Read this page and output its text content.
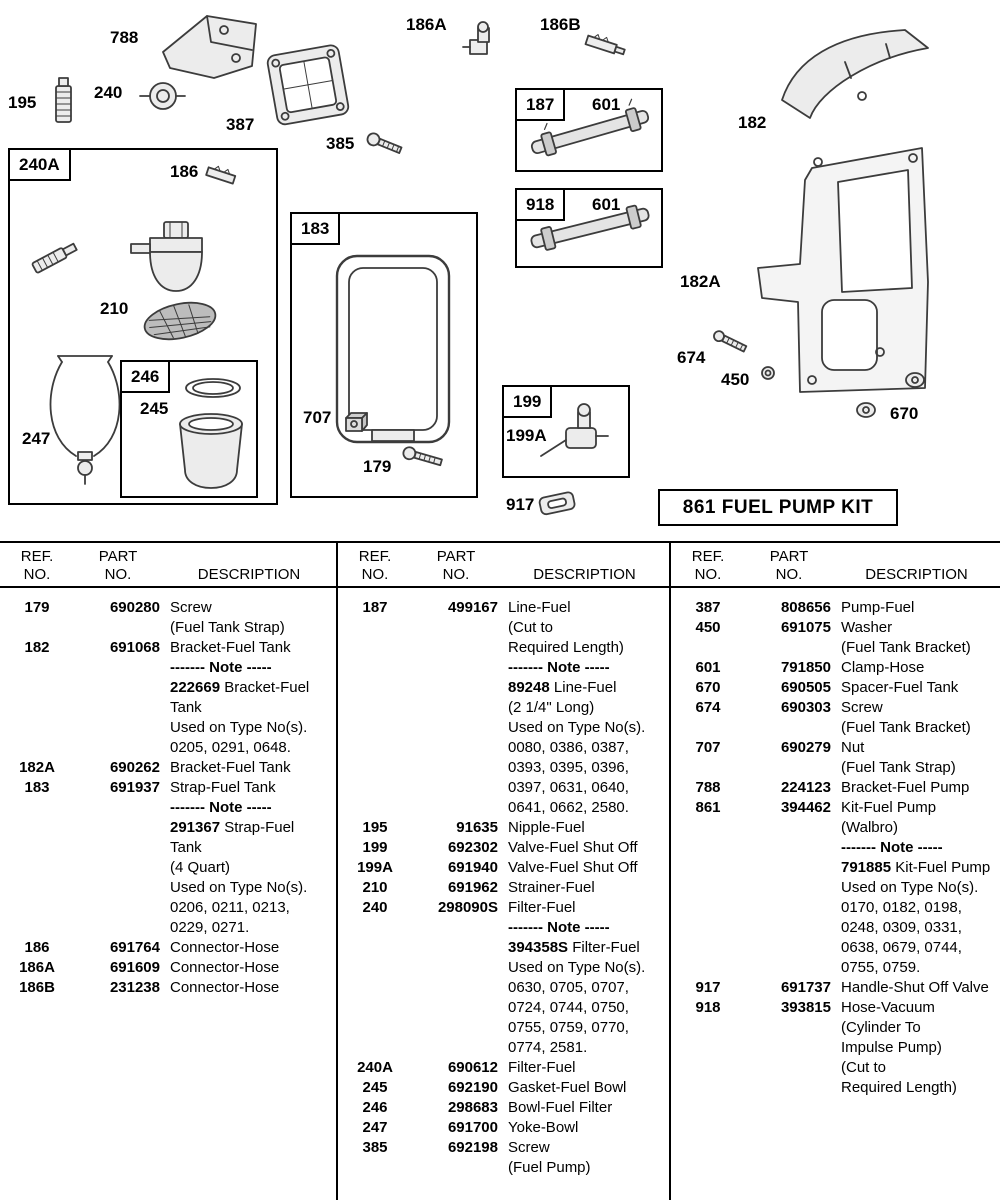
240A
246
183
187
918
199
195
788
240
387
385
186A	186B
182
186
210
245
247
707
179
601
601
182A
674
450
670
199A
917	861 FUEL PUMP KIT
REF.
NO.
PART
NO.	DESCRIPTION
179	690280 Screw
(Fuel Tank Strap)
182	691068 Bracket-Fuel Tank
------- Note -----
222669 Bracket-Fuel
Tank
Used on Type No(s).
0205, 0291, 0648.
182A	690262 Bracket-Fuel Tank
183	691937 Strap-Fuel Tank
------- Note -----
291367 Strap-Fuel
Tank
(4 Quart)
Used on Type No(s).
0206, 0211, 0213,
0229, 0271.
186	691764 Connector-Hose
186A	691609 Connector-Hose
186B	231238 Connector-Hose
REF.
NO.
PART
NO.	DESCRIPTION
187	499167 Line-Fuel
(Cut to
Required Length)
------- Note -----
89248 Line-Fuel
(2 1/4" Long)
Used on Type No(s).
0080, 0386, 0387,
0393, 0395, 0396,
0397, 0631, 0640,
0641, 0662, 2580.
195	91635 Nipple-Fuel
199	692302 Valve-Fuel Shut Off
199A	691940 Valve-Fuel Shut Off
210	691962 Strainer-Fuel
240	298090S Filter-Fuel
------- Note -----
394358S Filter-Fuel
Used on Type No(s).
0630, 0705, 0707,
0724, 0744, 0750,
0755, 0759, 0770,
0774, 2581.
240A	690612 Filter-Fuel
245	692190 Gasket-Fuel Bowl
246	298683 Bowl-Fuel Filter
247	691700 Yoke-Bowl
385	692198 Screw
(Fuel Pump)
REF.
NO.
PART
NO.	DESCRIPTION
387	808656 Pump-Fuel
450	691075 Washer
(Fuel Tank Bracket)
601	791850 Clamp-Hose
670	690505 Spacer-Fuel Tank
674	690303 Screw
(Fuel Tank Bracket)
707	690279 Nut
(Fuel Tank Strap)
788	224123 Bracket-Fuel Pump
861	394462 Kit-Fuel Pump
(Walbro)
------- Note -----
791885 Kit-Fuel Pump
Used on Type No(s).
0170, 0182, 0198,
0248, 0309, 0331,
0638, 0679, 0744,
0755, 0759.
917	691737 Handle-Shut Off Valve
918	393815 Hose-Vacuum
(Cylinder To
Impulse Pump)
(Cut to
Required Length)
